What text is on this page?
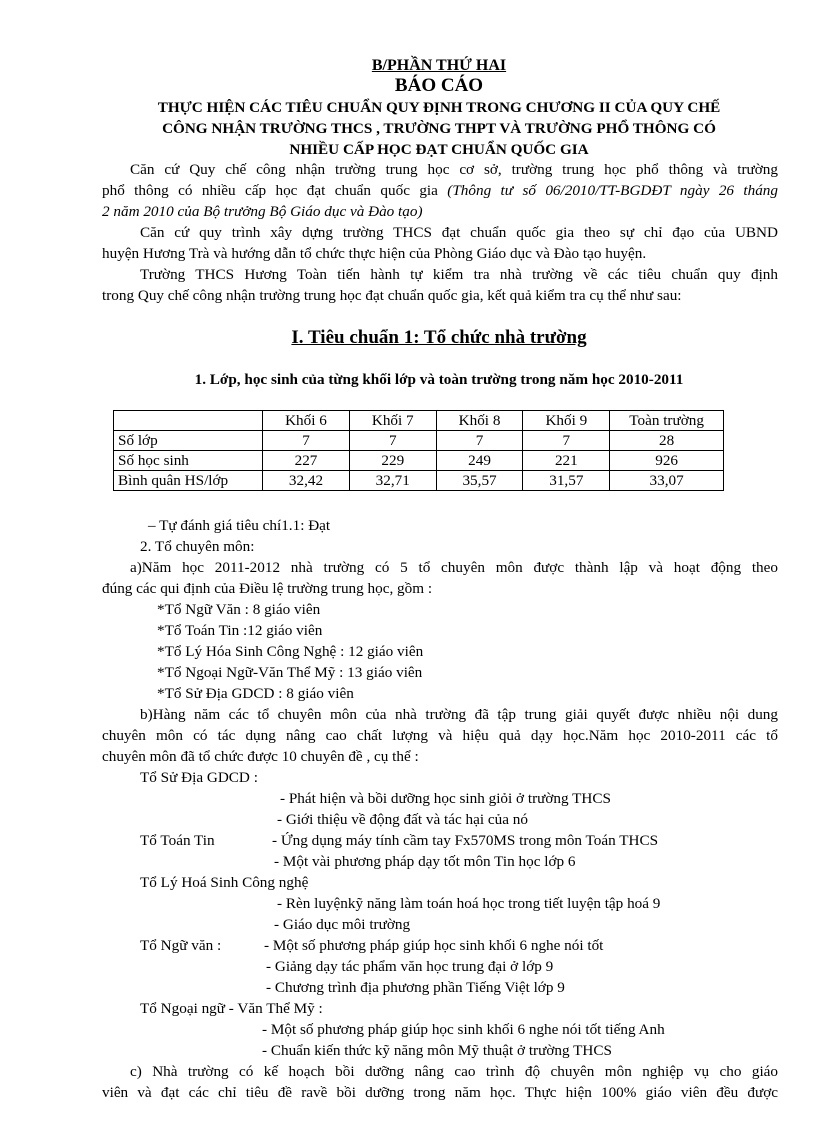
B/PHẦN THỨ HAI
BÁO CÁO
THỰC HIỆN CÁC TIÊU CHUẨN QUY ĐỊNH TRONG CHƯƠNG II CỦA QUY CHẾ
CÔNG NHẬN TRƯỜNG THCS , TRƯỜNG THPT VÀ TRƯỜNG PHỔ THÔNG CÓ
NHIỀU CẤP HỌC ĐẠT CHUẨN QUỐC GIA
Căn cứ Quy chế công nhận trường trung học cơ sở, trường trung học phổ thông và trường
phổ thông có nhiều cấp học đạt chuẩn quốc gia (Thông tư số 06/2010/TT-BGDĐT ngày 26 tháng
2 năm 2010 của Bộ trưởng Bộ Giáo dục và Đào tạo)
Căn cứ quy trình xây dựng trường THCS đạt chuẩn quốc gia theo sự chỉ đạo của UBND
huyện Hương Trà và hướng dẫn tổ chức thực hiện của Phòng Giáo dục và Đào tạo huyện.
Trường THCS Hương Toàn tiến hành tự kiểm tra nhà trường về các tiêu chuẩn quy định
trong Quy chế công nhận trường trung học đạt chuẩn quốc gia, kết quả kiểm tra cụ thể như sau:
I. Tiêu chuẩn 1: Tổ chức nhà trường
1. Lớp, học sinh của từng khối lớp và toàn trường trong năm học 2010-2011
	Khối 6	Khối 7	Khối 8	Khối 9	Toàn trường
Số lớp	7	7	7	7	28
Số học sinh	227	229	249	221	926
Bình quân HS/lớp	32,42	32,71	35,57	31,57	33,07
– Tự đánh giá tiêu chí1.1: Đạt
2. Tổ chuyên môn:
a)Năm học 2011-2012 nhà trường có 5 tổ chuyên môn được thành lập và hoạt động theo
đúng các qui định của Điều lệ trường trung học, gồm :
*Tổ Ngữ Văn : 8 giáo viên
*Tổ Toán Tin :12 giáo viên
*Tổ Lý Hóa Sinh Công Nghệ : 12 giáo viên
*Tổ Ngoại Ngữ-Văn Thể Mỹ : 13 giáo viên
*Tổ Sử Địa GDCD : 8 giáo viên
b)Hàng năm các tổ chuyên môn của nhà trường đã tập trung giải quyết được nhiều nội dung
chuyên môn có tác dụng nâng cao chất lượng và hiệu quả dạy học.Năm học 2010-2011 các tổ
chuyên môn đã tổ chức được 10 chuyên đề , cụ thể :
Tổ Sử Địa GDCD :
- Phát hiện và bồi dưỡng học sinh giỏi ở trường THCS
- Giới thiệu về động đất và tác hại của nó
Tổ Toán Tin	- Ứng dụng máy tính cầm tay Fx570MS trong môn Toán THCS
- Một vài phương pháp dạy tốt môn Tin học lớp 6
Tổ Lý Hoá Sinh Công nghệ
- Rèn luyệnkỹ năng làm toán hoá học trong tiết luyện tập hoá 9
- Giáo dục môi trường
Tổ Ngữ văn :	- Một số phương pháp giúp học sinh khối 6 nghe nói tốt
- Giảng dạy tác phẩm văn học trung đại ở lớp 9
- Chương trình địa phương phần Tiếng Việt lớp 9
Tổ Ngoại ngữ - Văn Thể Mỹ :
- Một số phương pháp giúp học sinh khối 6 nghe nói tốt tiếng Anh
- Chuẩn kiến thức kỹ năng môn Mỹ thuật ở trường THCS
c) Nhà trường có kế hoạch bồi dưỡng nâng cao trình độ chuyên môn nghiệp vụ cho giáo
viên và đạt các chỉ tiêu đề ravề bồi dưỡng trong năm học. Thực hiện 100% giáo viên đều được
